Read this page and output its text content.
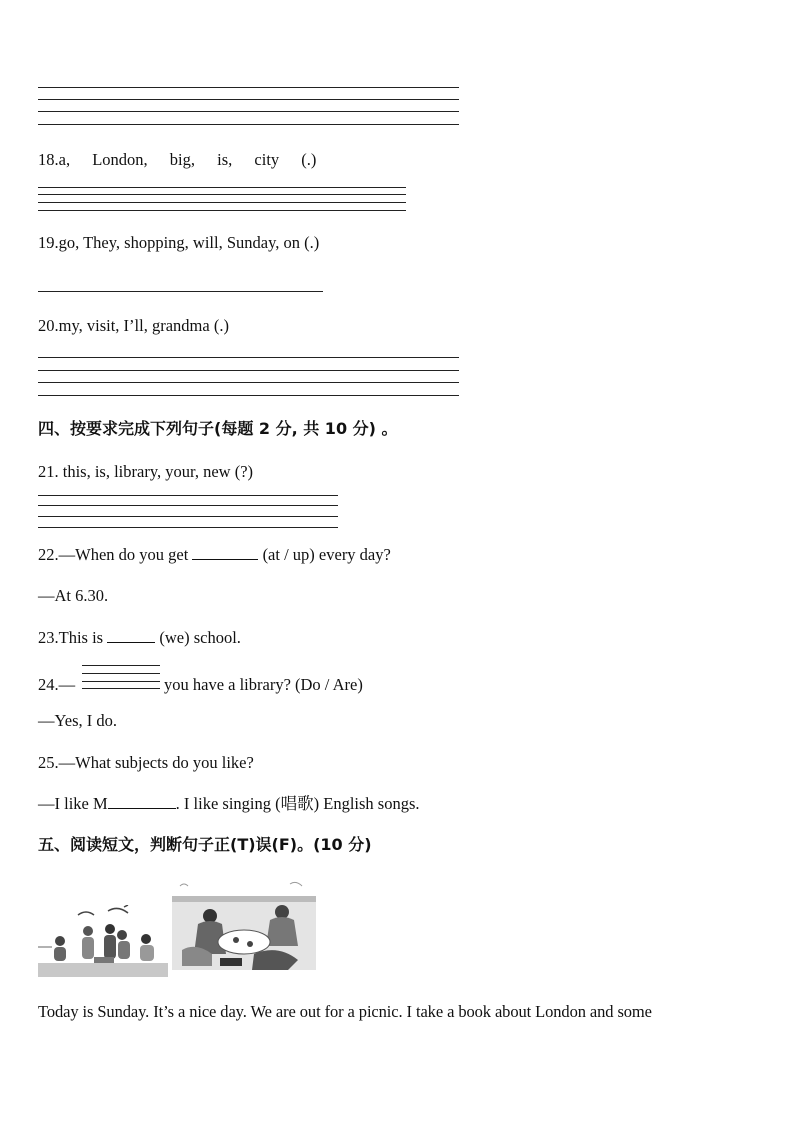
18.a, London, big, is, city (.)
19.go, They, shopping, will, Sunday, on (.)
20.my, visit, I’ll, grandma (.)
四、按要求完成下列句子(每题 2 分, 共 10 分) 。
21. this, is, library, your, new (?)
22.—When do you get	(at / up) every day?
—At 6.30.
23.This is	(we) school.
24.—	you have a library? (Do / Are)
—Yes, I do.
25.—What subjects do you like?
—I like M	. I like singing (唱歌) English songs.
五、阅读短文，判断句子正(T)误(F)。(10 分)
Today is Sunday. It’s a nice day. We are out for a picnic. I take a book about London and some
